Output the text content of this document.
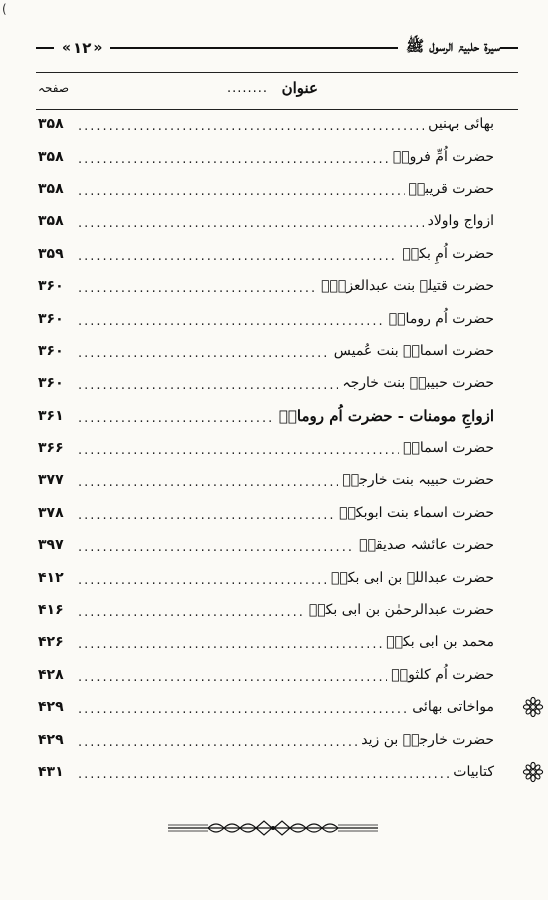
(
سیرۃ حلبیۃ الرسول ﷺ
« ۱۲ »
عنوان
........
صفحہ
بھائی بہنیں
.....
۳۵۸
حضرت اُمِّ فروہؓ
.....
۳۵۸
حضرت قریبہؓ
.....
۳۵۸
ازواج واولاد
.....
۳۵۸
حضرت اُمِ بکرؓ
.....
۳۵۹
حضرت قتیلہ بنت عبدالعزیٰؓ
.....
۳۶۰
حضرت اُم رومانؓ
.....
۳۶۰
حضرت اسماءؓ بنت عُمیس
.....
۳۶۰
حضرت حبیبہؓ بنت خارجہ
.....
۳۶۰
ازواجِ مومنات - حضرت اُم رومانؓ
.....
۳۶۱
حضرت اسماءؓ
.....
۳۶۶
حضرت حبیبہ بنت خارجہؓ
.....
۳۷۷
حضرت اسماء بنت ابوبکرؓ
.....
۳۷۸
حضرت عائشہ صدیقہؓ
.....
۳۹۷
حضرت عبداللہ بن ابی بکرؓ
.....
۴۱۲
حضرت عبدالرحمٰن بن ابی بکرؓ
.....
۴۱۶
محمد بن ابی بکرؓ
.....
۴۲۶
حضرت اُم کلثومؓ
.....
۴۲۸
مواخاتی بھائی
.....
۴۲۹
حضرت خارجہؓ بن زید
.....
۴۲۹
کتابیات
.....
۴۳۱
